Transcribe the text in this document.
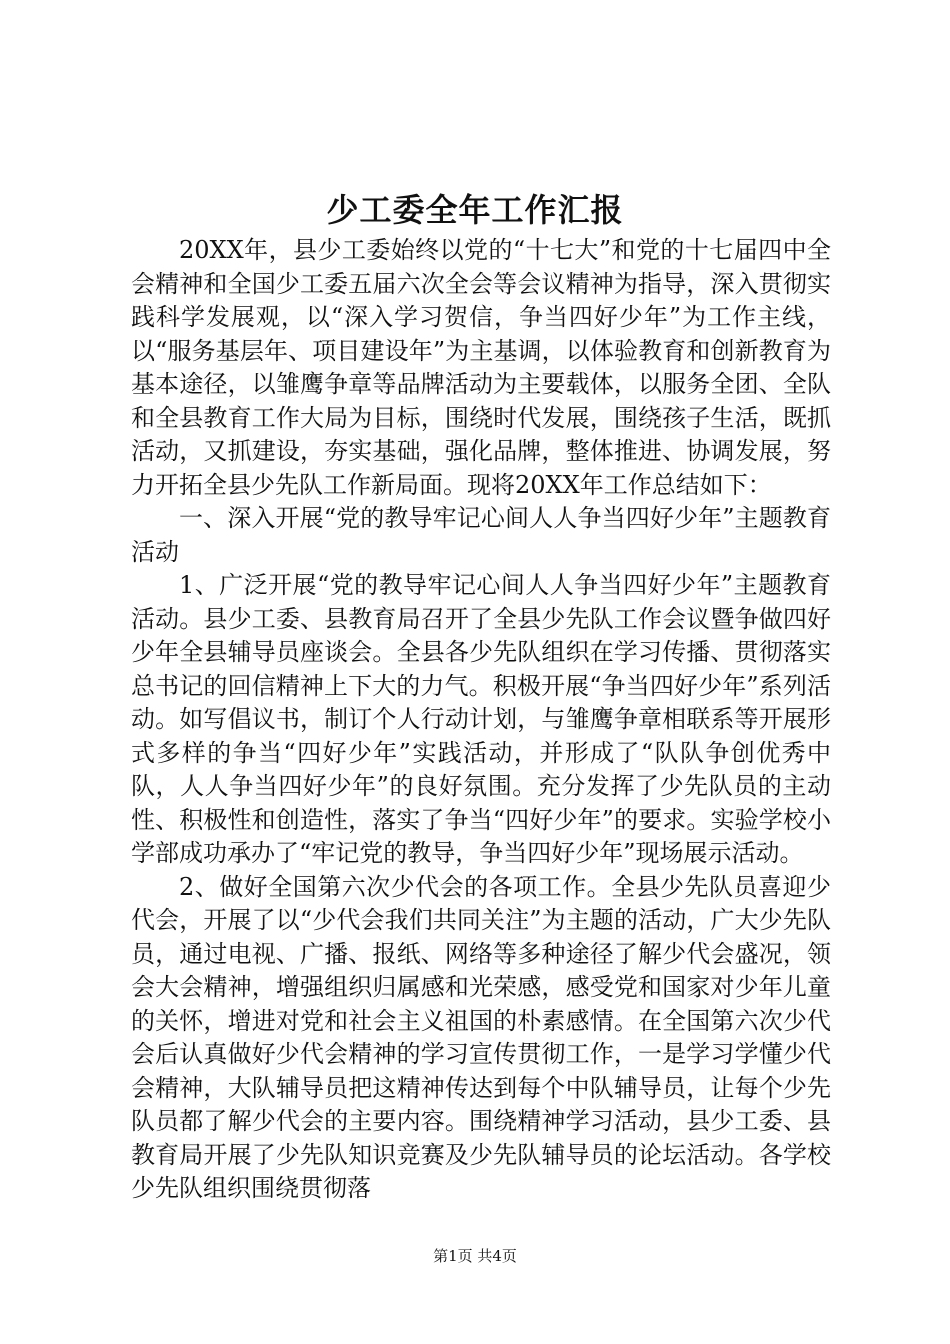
少工委全年工作汇报

20XX年，县少工委始终以党的“十七大”和党的十七届四中全会精神和全国少工委五届六次全会等会议精神为指导，深入贯彻实践科学发展观，以“深入学习贺信，争当四好少年”为工作主线，以“服务基层年、项目建设年”为主基调，以体验教育和创新教育为基本途径，以雏鹰争章等品牌活动为主要载体，以服务全团、全队和全县教育工作大局为目标，围绕时代发展，围绕孩子生活，既抓活动，又抓建设，夯实基础，强化品牌，整体推进、协调发展，努力开拓全县少先队工作新局面。现将20XX年工作总结如下：

一、深入开展“党的教导牢记心间人人争当四好少年”主题教育活动

1、广泛开展“党的教导牢记心间人人争当四好少年”主题教育活动。县少工委、县教育局召开了全县少先队工作会议暨争做四好少年全县辅导员座谈会。全县各少先队组织在学习传播、贯彻落实总书记的回信精神上下大的力气。积极开展“争当四好少年”系列活动。如写倡议书，制订个人行动计划，与雏鹰争章相联系等开展形式多样的争当“四好少年”实践活动，并形成了“队队争创优秀中队，人人争当四好少年”的良好氛围。充分发挥了少先队员的主动性、积极性和创造性，落实了争当“四好少年”的要求。实验学校小学部成功承办了“牢记党的教导，争当四好少年”现场展示活动。

2、做好全国第六次少代会的各项工作。全县少先队员喜迎少代会，开展了以“少代会我们共同关注”为主题的活动，广大少先队员，通过电视、广播、报纸、网络等多种途径了解少代会盛况，领会大会精神，增强组织归属感和光荣感，感受党和国家对少年儿童的关怀，增进对党和社会主义祖国的朴素感情。在全国第六次少代会后认真做好少代会精神的学习宣传贯彻工作，一是学习学懂少代会精神，大队辅导员把这精神传达到每个中队辅导员，让每个少先队员都了解少代会的主要内容。围绕精神学习活动，县少工委、县教育局开展了少先队知识竞赛及少先队辅导员的论坛活动。各学校少先队组织围绕贯彻落

第1页 共4页
